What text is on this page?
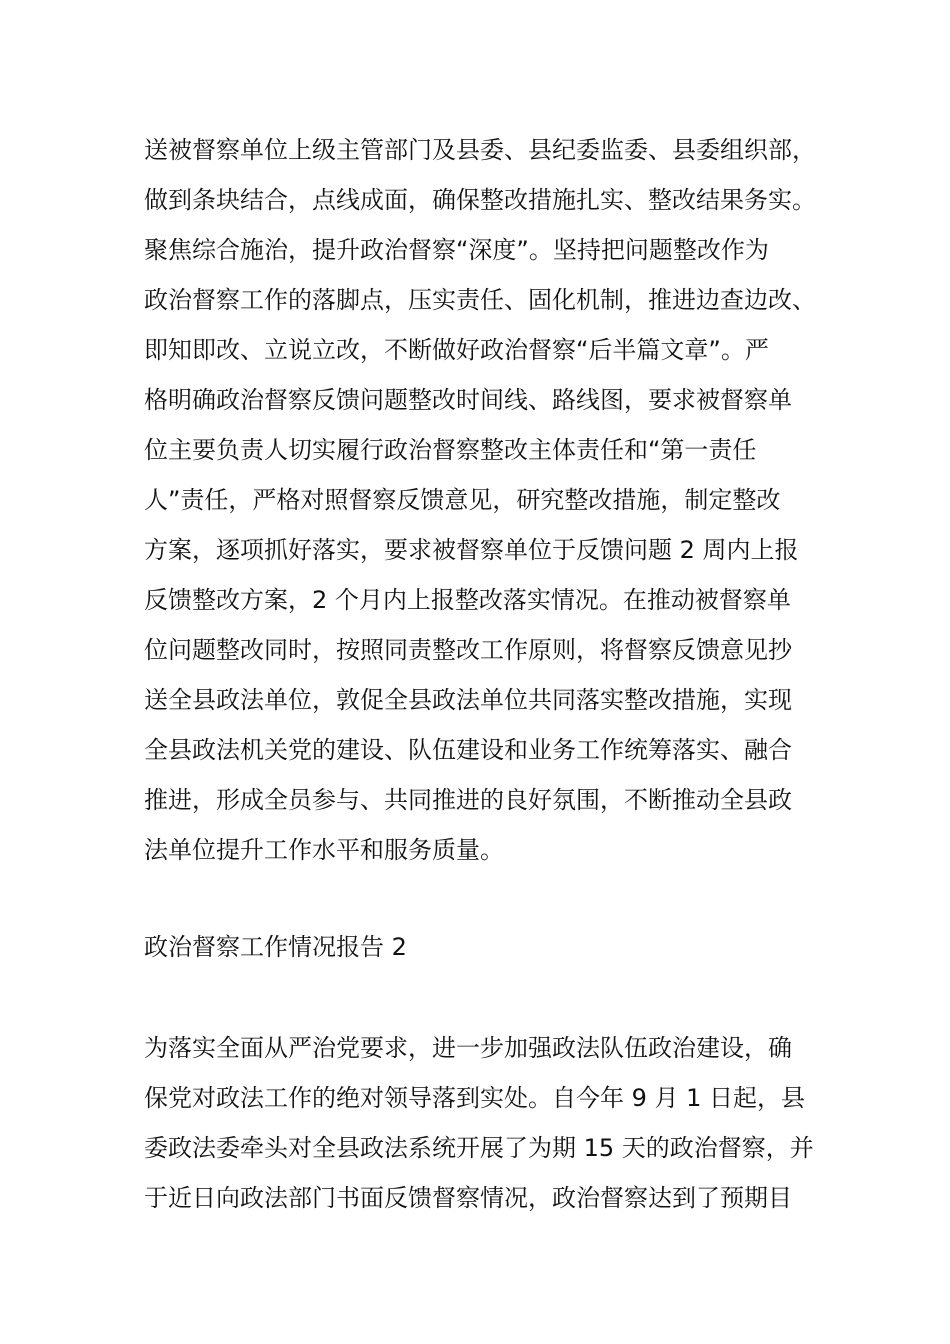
送被督察单位上级主管部门及县委、县纪委监委、县委组织部，
做到条块结合，点线成面，确保整改措施扎实、整改结果务实。
聚焦综合施治，提升政治督察“深度”。坚持把问题整改作为
政治督察工作的落脚点，压实责任、固化机制，推进边查边改、
即知即改、立说立改，不断做好政治督察“后半篇文章”。严
格明确政治督察反馈问题整改时间线、路线图，要求被督察单
位主要负责人切实履行政治督察整改主体责任和“第一责任
人”责任，严格对照督察反馈意见，研究整改措施，制定整改
方案，逐项抓好落实，要求被督察单位于反馈问题 2 周内上报
反馈整改方案，2 个月内上报整改落实情况。在推动被督察单
位问题整改同时，按照同责整改工作原则，将督察反馈意见抄
送全县政法单位，敦促全县政法单位共同落实整改措施，实现
全县政法机关党的建设、队伍建设和业务工作统筹落实、融合
推进，形成全员参与、共同推进的良好氛围，不断推动全县政
法单位提升工作水平和服务质量。
政治督察工作情况报告 2
为落实全面从严治党要求，进一步加强政法队伍政治建设，确
保党对政法工作的绝对领导落到实处。自今年 9 月 1 日起，县
委政法委牵头对全县政法系统开展了为期 15 天的政治督察，并
于近日向政法部门书面反馈督察情况，政治督察达到了预期目
